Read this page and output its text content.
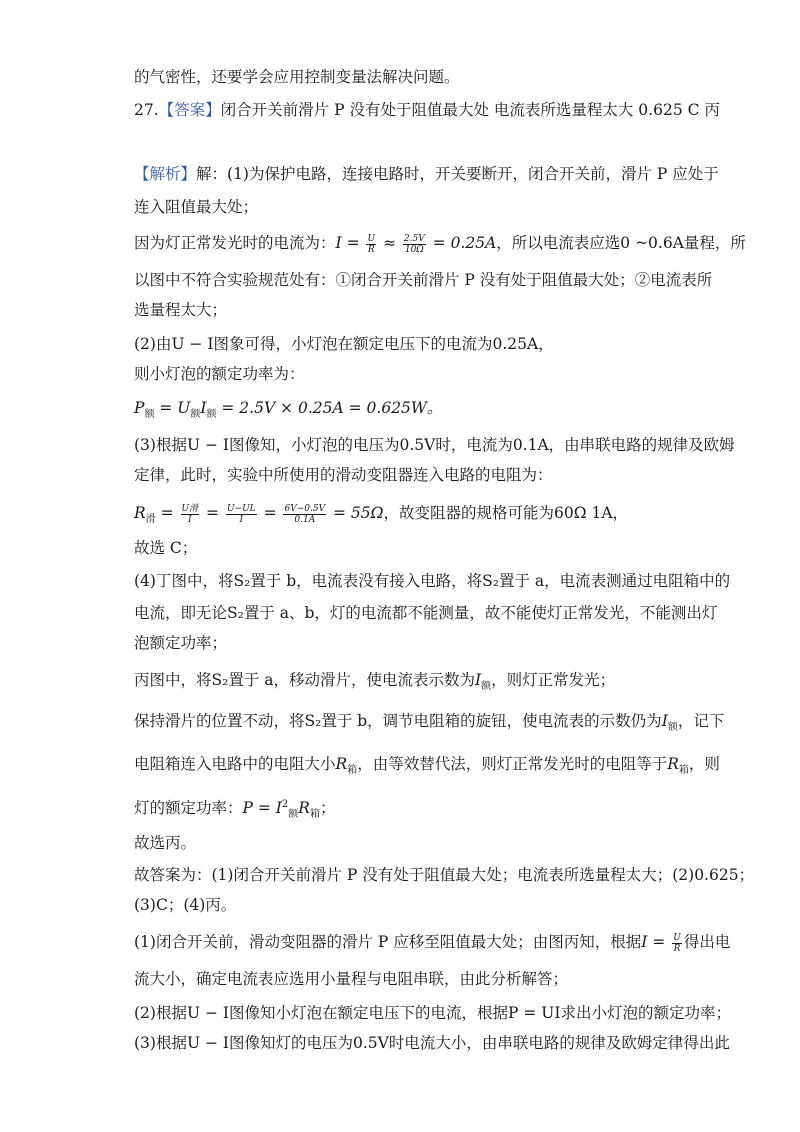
的气密性，还要学会应用控制变量法解决问题。
27.【答案】闭合开关前滑片 P 没有处于阻值最大处 电流表所选量程太大 0.625 C 丙
【解析】解：(1)为保护电路，连接电路时，开关要断开，闭合开关前，滑片 P 应处于
连入阻值最大处；
因为灯正常发光时的电流为：$I = \frac{U}{R} \approx \frac{2.5V}{10\Omega} = 0.25A$，所以电流表应选0 ~0.6A量程，所
以图中不符合实验规范处有：①闭合开关前滑片 P 没有处于阻值最大处；②电流表所
选量程太大；
(2)由U − I图象可得，小灯泡在额定电压下的电流为0.25A，
则小灯泡的额定功率为：
$P_额 = U_额I_额 = 2.5V \times 0.25A = 0.625W$。
(3)根据U − I图像知，小灯泡的电压为0.5V时，电流为0.1A，由串联电路的规律及欧姆
定律，此时，实验中所使用的滑动变阻器连入电路的电阻为：
$R_滑 = \frac{\text{U滑}}{I} = \frac{U-UL}{I} = \frac{6V-0.5V}{0.1A} = 55\Omega$，故变阻器的规格可能为60Ω 1A，
故选 C；
(4)丁图中，将S₂置于 b，电流表没有接入电路，将S₂置于 a，电流表测通过电阻箱中的
电流，即无论S₂置于 a、b，灯的电流都不能测量，故不能使灯正常发光，不能测出灯
泡额定功率；
丙图中，将S₂置于 a，移动滑片，使电流表示数为$I_额$，则灯正常发光；
保持滑片的位置不动，将S₂置于 b，调节电阻箱的旋钮，使电流表的示数仍为$I_额$，记下
电阻箱连入电路中的电阻大小$R_箱$，由等效替代法，则灯正常发光时的电阻等于$R_箱$，则
灯的额定功率：$P = I^2_额R_箱$；
故选丙。
故答案为：(1)闭合开关前滑片 P 没有处于阻值最大处；电流表所选量程太大；(2)0.625；
(3)C；(4)丙。
(1)闭合开关前，滑动变阻器的滑片 P 应移至阻值最大处；由图丙知，根据$I = \frac{U}{R}$ 得出电
流大小，确定电流表应选用小量程与电阻串联，由此分析解答；
(2)根据U − I图像知小灯泡在额定电压下的电流，根据P = UI求出小灯泡的额定功率；
(3)根据U − I图像知灯的电压为0.5V时电流大小，由串联电路的规律及欧姆定律得出此
